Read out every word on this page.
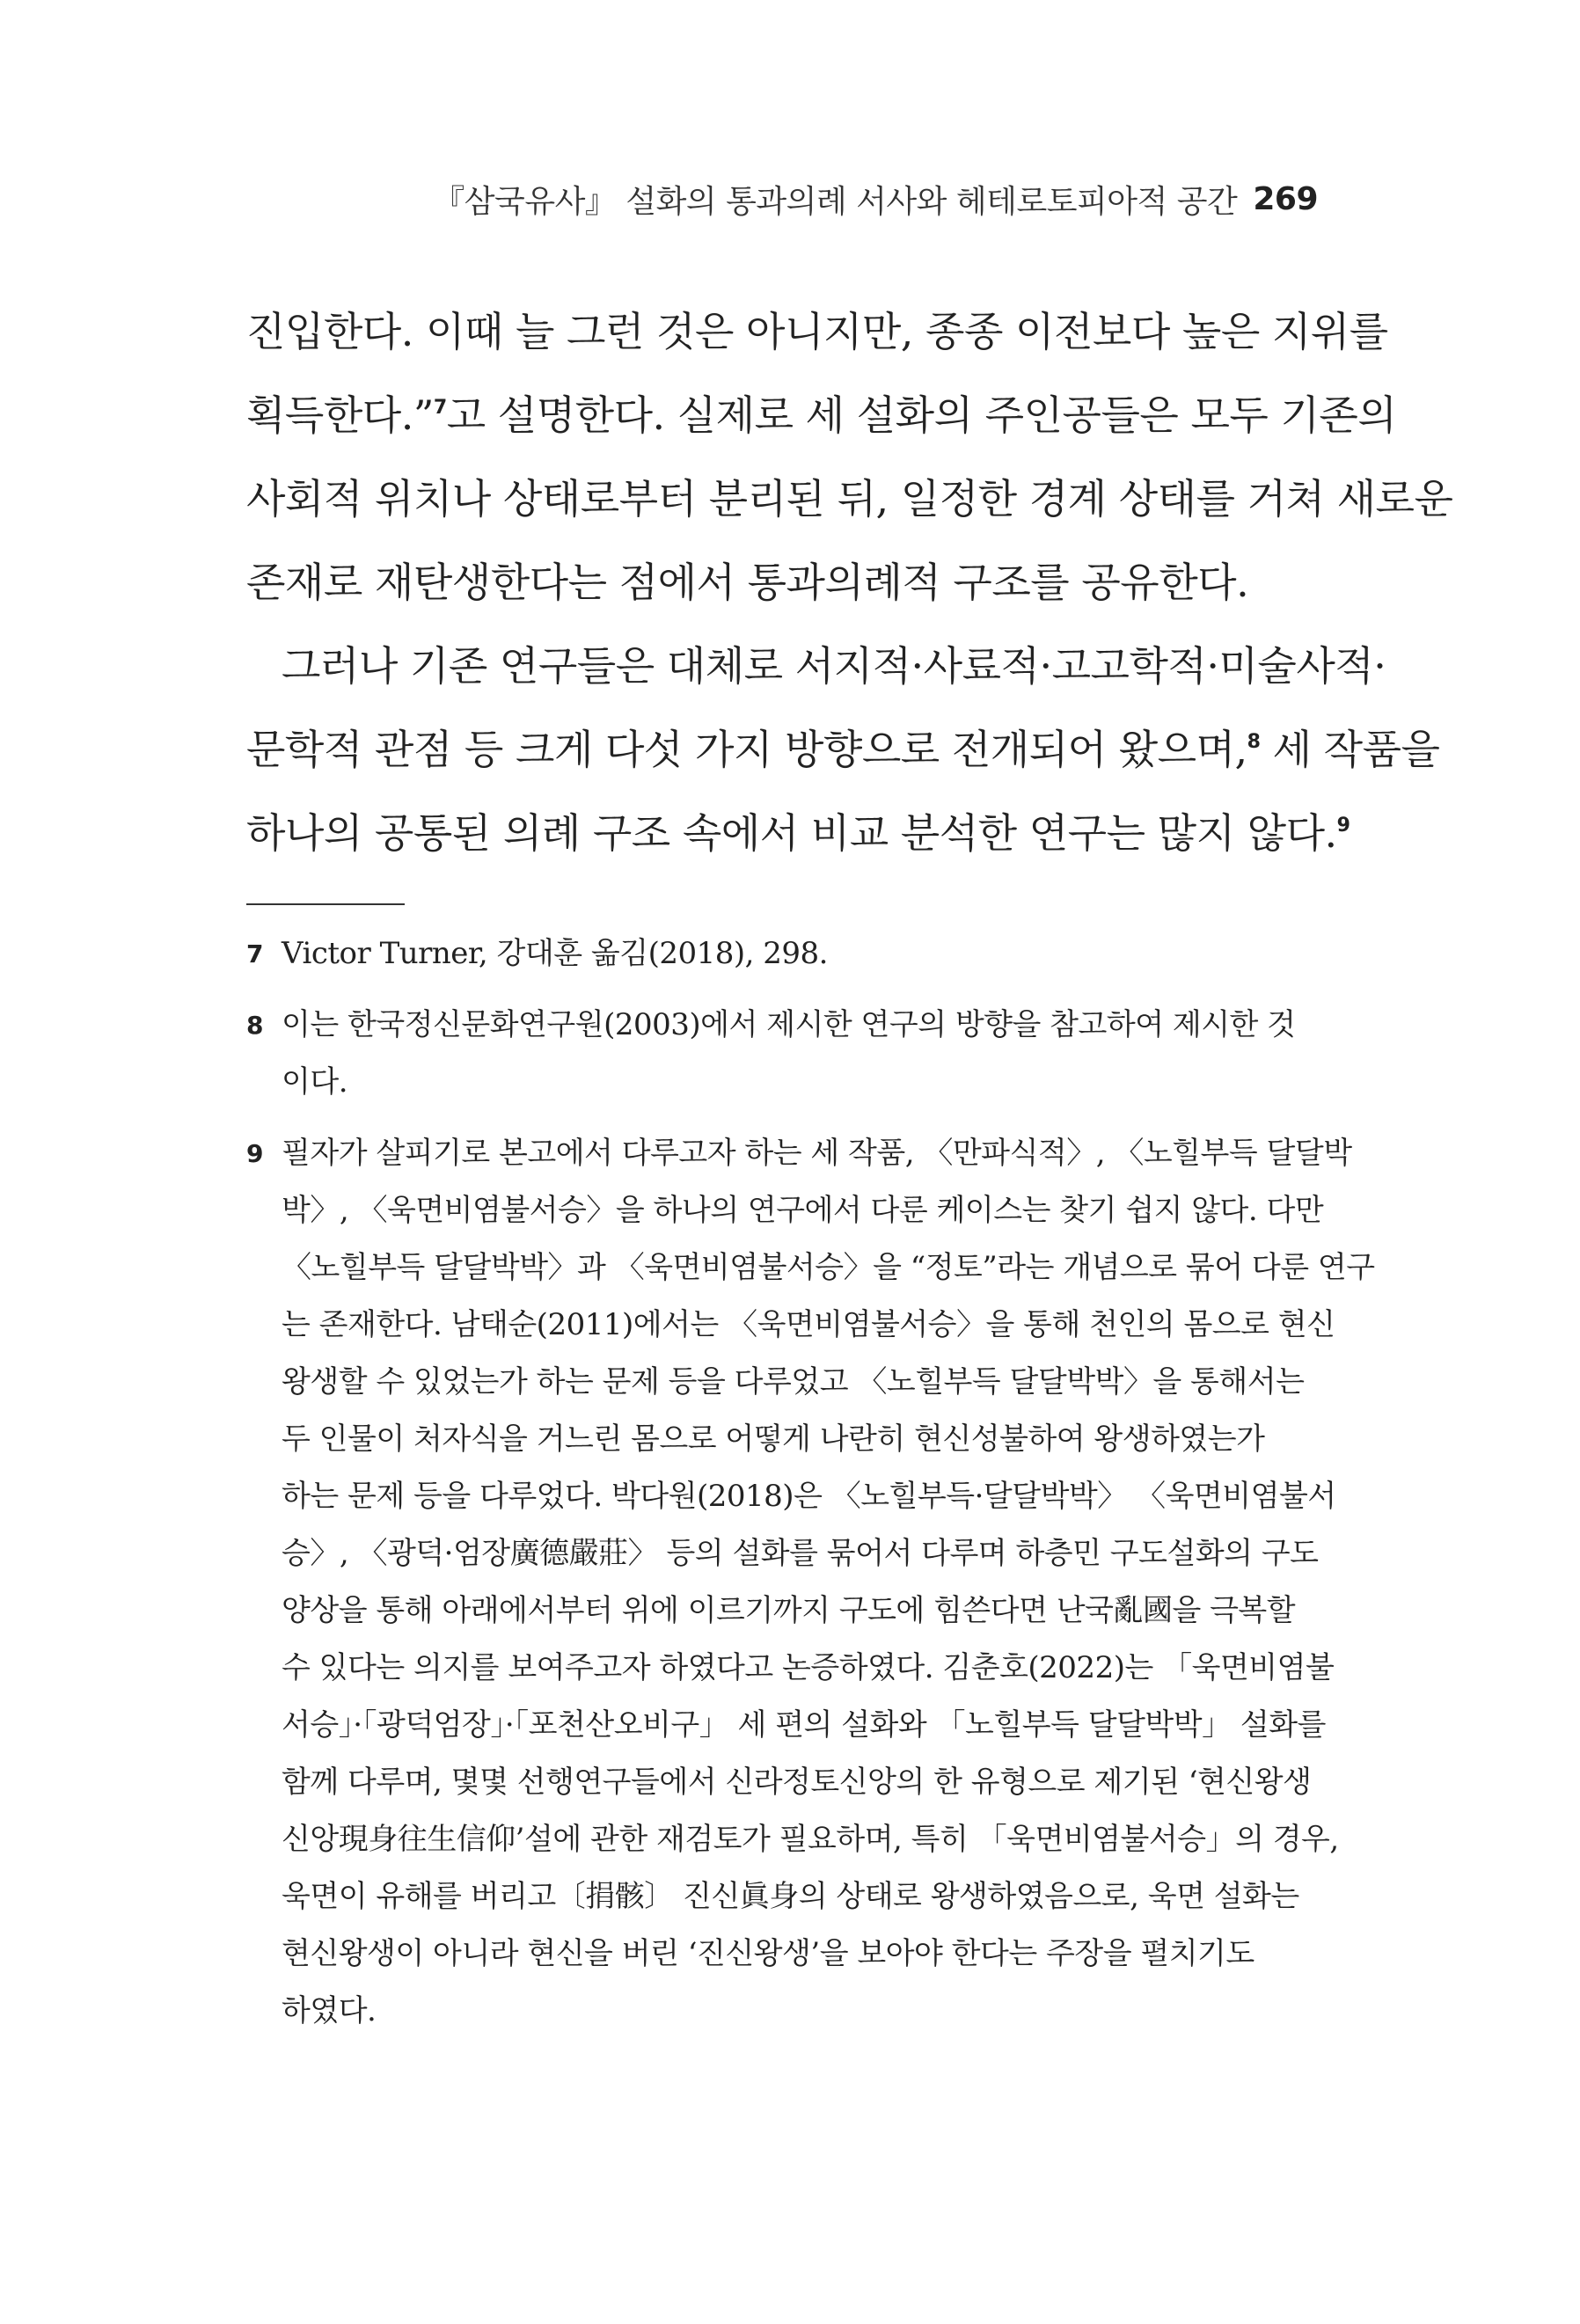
『삼국유사』 설화의 통과의례 서사와 헤테로토피아적 공간 269
진입한다. 이때 늘 그런 것은 아니지만, 종종 이전보다 높은 지위를
획득한다.”$^7$고 설명한다. 실제로 세 설화의 주인공들은 모두 기존의
사회적 위치나 상태로부터 분리된 뒤, 일정한 경계 상태를 거쳐 새로운
존재로 재탄생한다는 점에서 통과의례적 구조를 공유한다.
그러나 기존 연구들은 대체로 서지적·사료적·고고학적·미술사적·
문학적 관점 등 크게 다섯 가지 방향으로 전개되어 왔으며,$^8$ 세 작품을
하나의 공통된 의례 구조 속에서 비교 분석한 연구는 많지 않다.$^9$
7 Victor Turner, 강대훈 옮김(2018), 298.
8 이는 한국정신문화연구원(2003)에서 제시한 연구의 방향을 참고하여 제시한 것
이다.
9 필자가 살피기로 본고에서 다루고자 하는 세 작품, 〈만파식적〉, 〈노힐부득 달달박
박〉, 〈욱면비염불서승〉을 하나의 연구에서 다룬 케이스는 찾기 쉽지 않다. 다만
〈노힐부득 달달박박〉과 〈욱면비염불서승〉을 “정토”라는 개념으로 묶어 다룬 연구
는 존재한다. 남태순(2011)에서는 〈욱면비염불서승〉을 통해 천인의 몸으로 현신
왕생할 수 있었는가 하는 문제 등을 다루었고 〈노힐부득 달달박박〉을 통해서는
두 인물이 처자식을 거느린 몸으로 어떻게 나란히 현신성불하여 왕생하였는가
하는 문제 등을 다루었다. 박다원(2018)은 〈노힐부득·달달박박〉 〈욱면비염불서
승〉, 〈광덕·엄장廣德嚴莊〉 등의 설화를 묶어서 다루며 하층민 구도설화의 구도
양상을 통해 아래에서부터 위에 이르기까지 구도에 힘쓴다면 난국亂國을 극복할
수 있다는 의지를 보여주고자 하였다고 논증하였다. 김춘호(2022)는 「욱면비염불
서승」·「광덕엄장」·「포천산오비구」 세 편의 설화와 「노힐부득 달달박박」 설화를
함께 다루며, 몇몇 선행연구들에서 신라정토신앙의 한 유형으로 제기된 ‘현신왕생
신앙現身往生信仰’설에 관한 재검토가 필요하며, 특히 「욱면비염불서승」의 경우,
욱면이 유해를 버리고〔捐骸〕 진신眞身의 상태로 왕생하였음으로, 욱면 설화는
현신왕생이 아니라 현신을 버린 ‘진신왕생’을 보아야 한다는 주장을 펼치기도
하였다.
